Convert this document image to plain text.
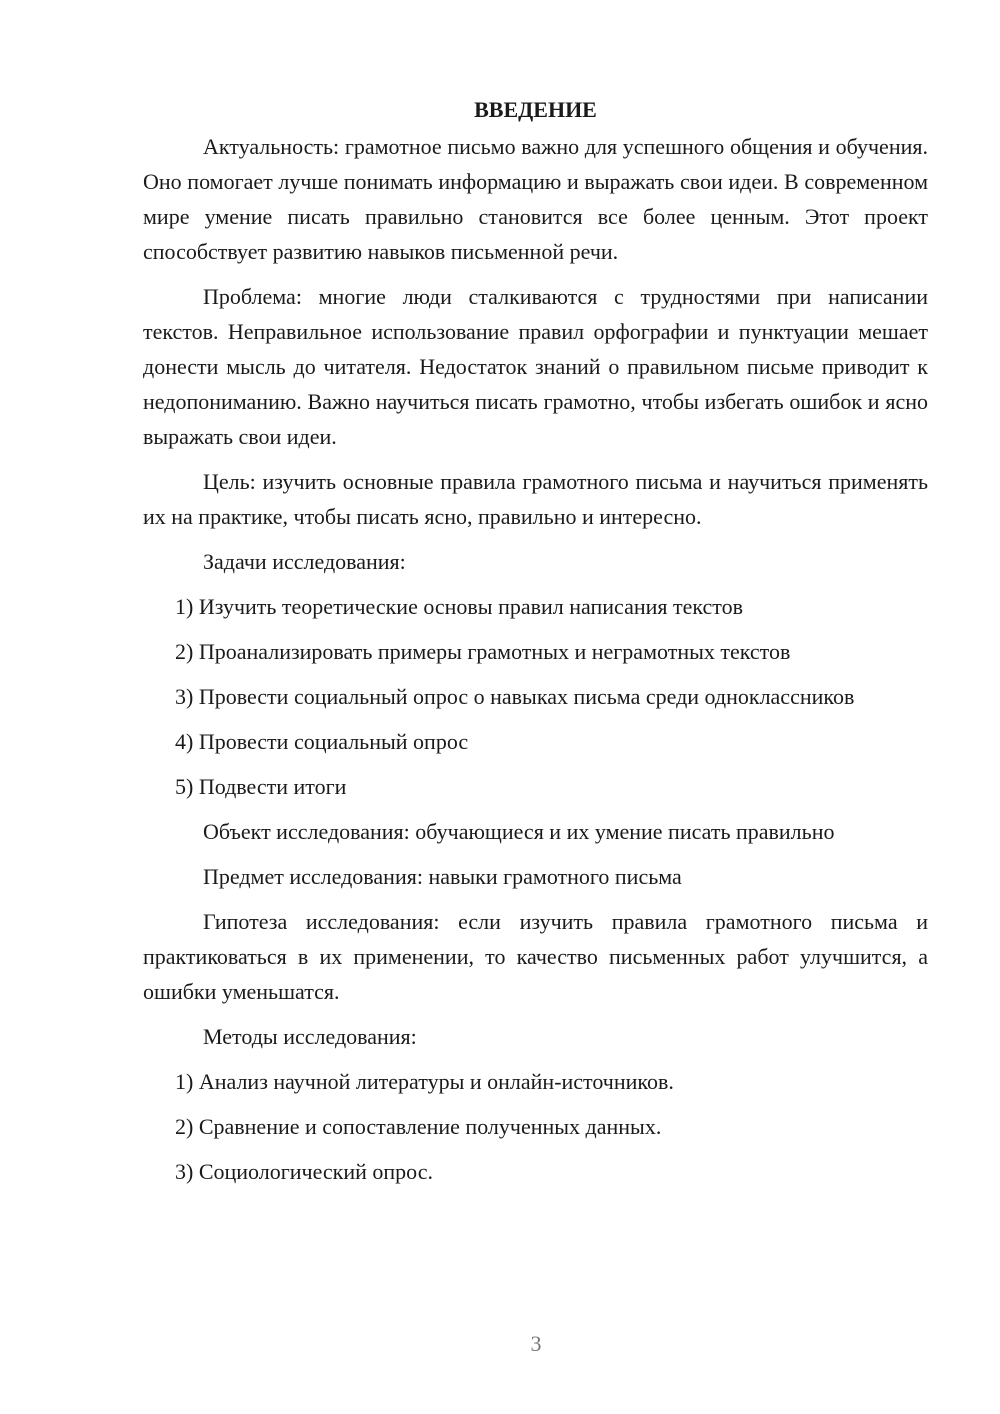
ВВЕДЕНИЕ

Актуальность: грамотное письмо важно для успешного общения и обучения. Оно помогает лучше понимать информацию и выражать свои идеи. В современном мире умение писать правильно становится все более ценным. Этот проект способствует развитию навыков письменной речи.

Проблема: многие люди сталкиваются с трудностями при написании текстов. Неправильное использование правил орфографии и пунктуации мешает донести мысль до читателя. Недостаток знаний о правильном письме приводит к недопониманию. Важно научиться писать грамотно, чтобы избегать ошибок и ясно выражать свои идеи.

Цель: изучить основные правила грамотного письма и научиться применять их на практике, чтобы писать ясно, правильно и интересно.

Задачи исследования:

1) Изучить теоретические основы правил написания текстов

2) Проанализировать примеры грамотных и неграмотных текстов

3) Провести социальный опрос о навыках письма среди одноклассников

4) Провести социальный опрос

5) Подвести итоги

Объект исследования: обучающиеся и их умение писать правильно

Предмет исследования: навыки грамотного письма

Гипотеза исследования: если изучить правила грамотного письма и практиковаться в их применении, то качество письменных работ улучшится, а ошибки уменьшатся.

Методы исследования:

1) Анализ научной литературы и онлайн-источников.

2) Сравнение и сопоставление полученных данных.

3) Социологический опрос.

3
